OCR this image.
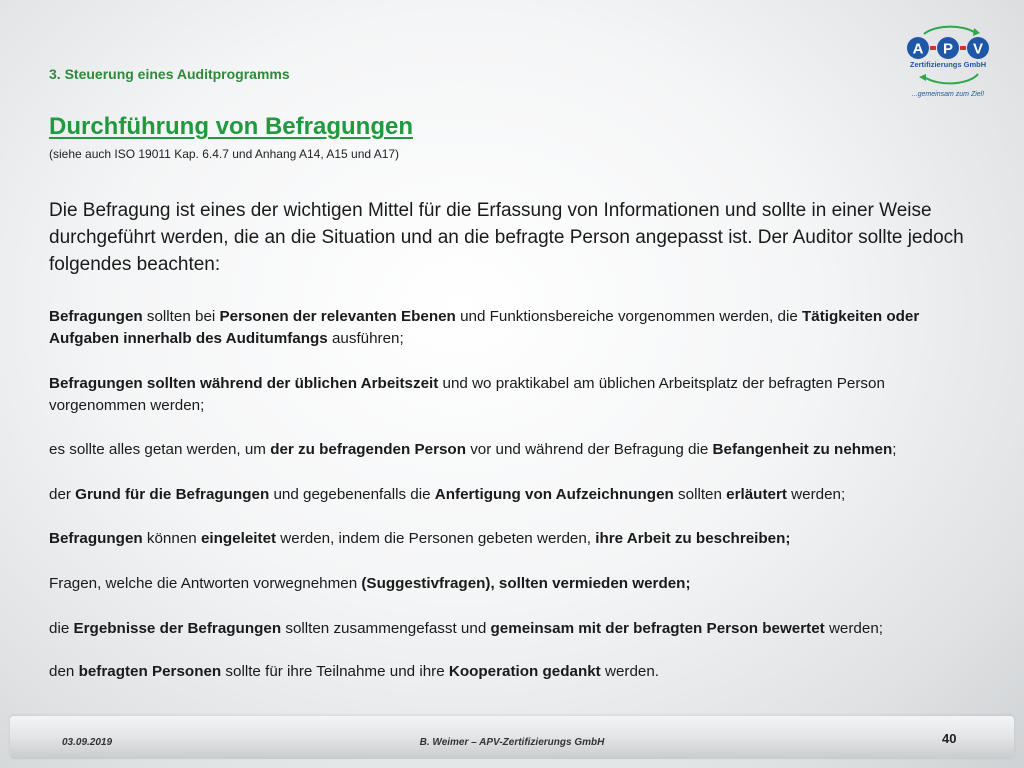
3. Steuerung eines Auditprogramms
A P V
Zertifizierungs GmbH
...gemeinsam zum Ziel!
Durchführung von Befragungen
(siehe auch ISO 19011 Kap. 6.4.7 und Anhang A14, A15 und A17)
Die Befragung ist eines der wichtigen Mittel für die Erfassung von Informationen und sollte in einer Weise durchgeführt werden, die an die Situation und an die befragte Person angepasst ist. Der Auditor sollte jedoch folgendes beachten:

Befragungen sollten bei Personen der relevanten Ebenen und Funktionsbereiche vorgenommen werden, die Tätigkeiten oder Aufgaben innerhalb des Auditumfangs ausführen;

Befragungen sollten während der üblichen Arbeitszeit und wo praktikabel am üblichen Arbeitsplatz der befragten Person vorgenommen werden;

es sollte alles getan werden, um der zu befragenden Person vor und während der Befragung die Befangenheit zu nehmen;

der Grund für die Befragungen und gegebenenfalls die Anfertigung von Aufzeichnungen sollten erläutert werden;

Befragungen können eingeleitet werden, indem die Personen gebeten werden, ihre Arbeit zu beschreiben;

Fragen, welche die Antworten vorwegnehmen (Suggestivfragen), sollten vermieden werden;

die Ergebnisse der Befragungen sollten zusammengefasst und gemeinsam mit der befragten Person bewertet werden;

den befragten Personen sollte für ihre Teilnahme und ihre Kooperation gedankt werden.

03.09.2019	B. Weimer – APV-Zertifizierungs GmbH	40
